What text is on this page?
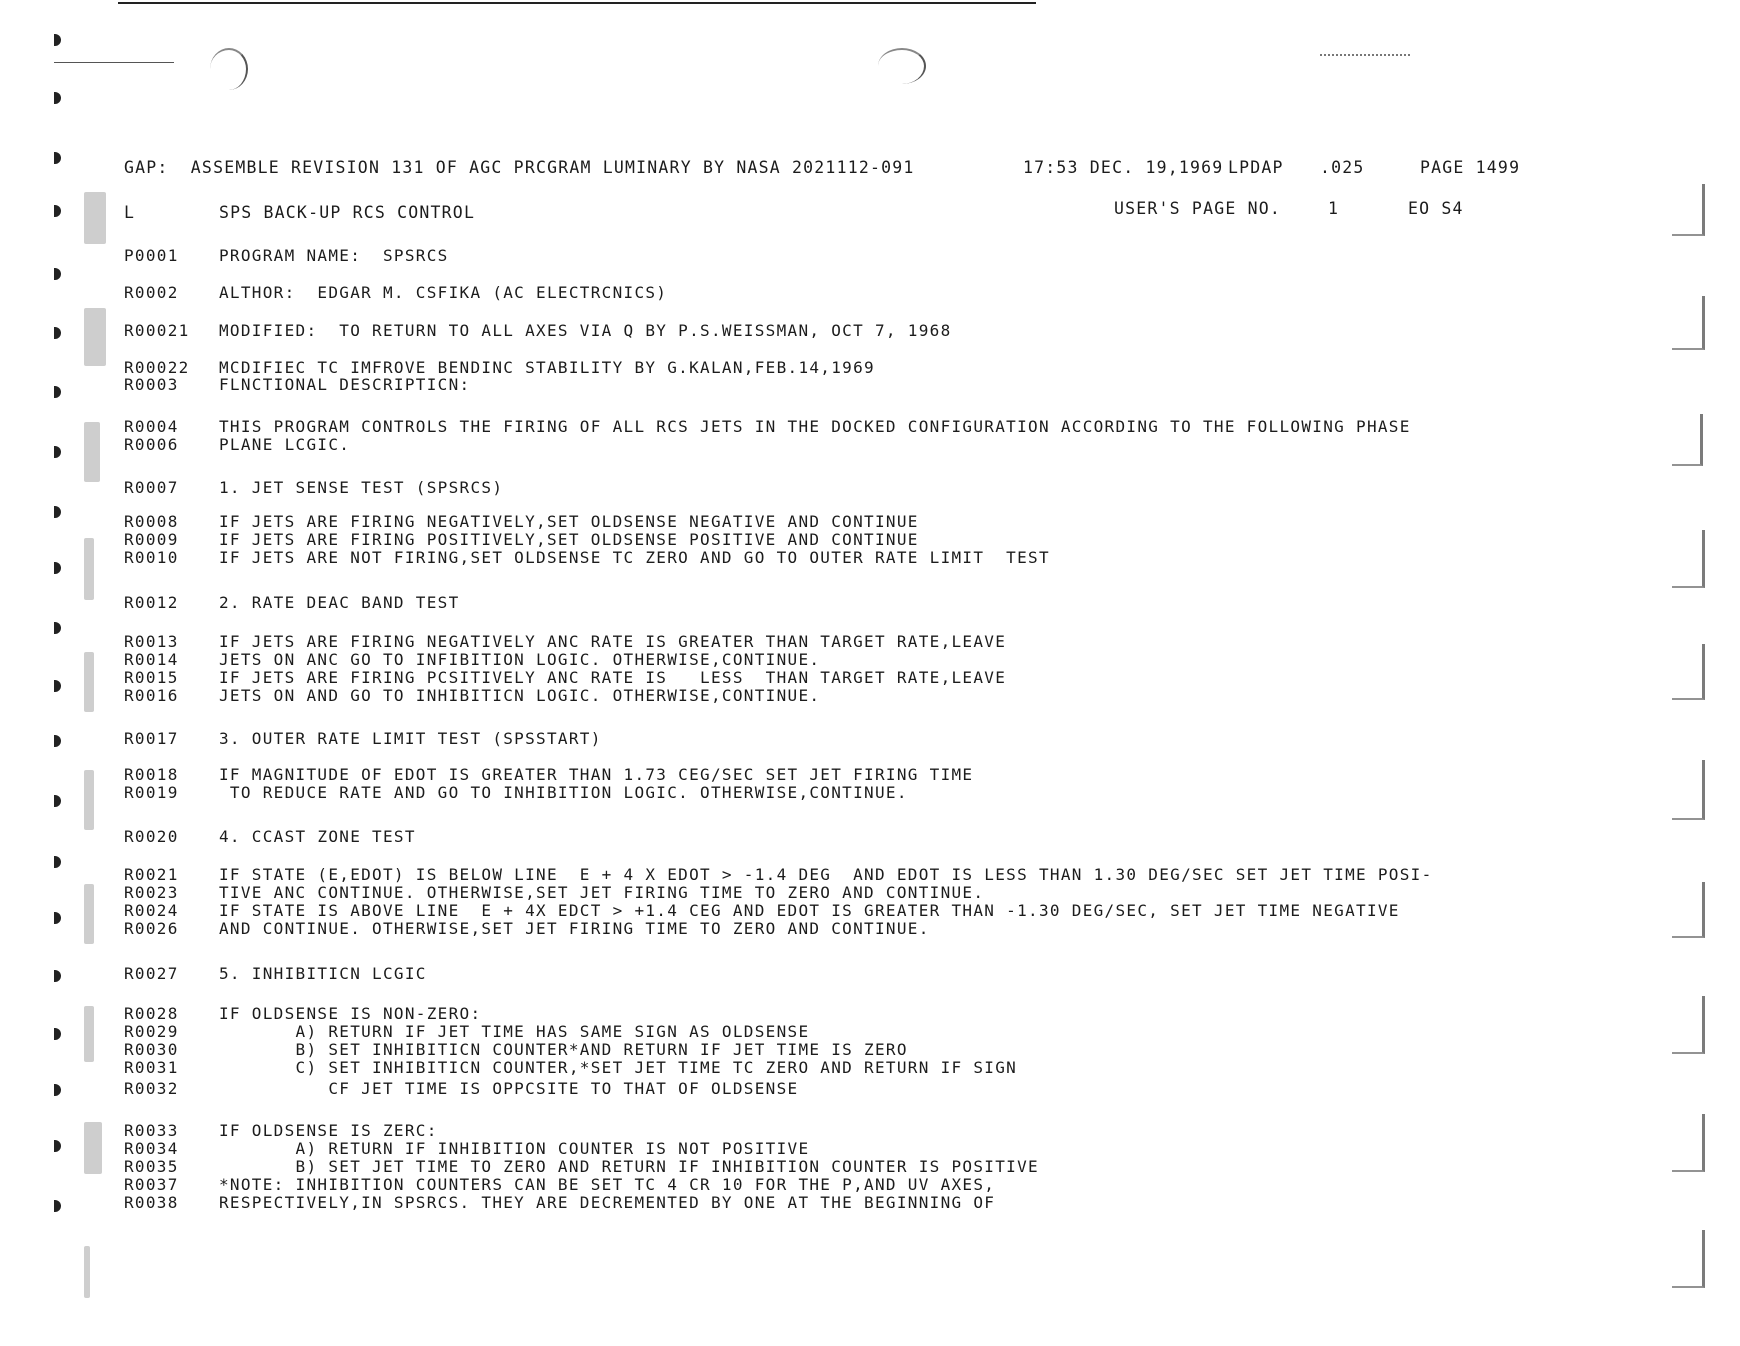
GAP:  ASSEMBLE REVISION 131 OF AGC PRCGRAM LUMINARY BY NASA 2021112-091

	17:53 DEC. 19,1969

LPDAP

.025

	PAGE 1499

L

	SPS BACK-UP RCS CONTROL

	USER'S PAGE NO.

	1

	EO S4

P0001	PROGRAM NAME:  SPSRCS
R0002	ALTHOR:  EDGAR M. CSFIKA (AC ELECTRCNICS)
R00021 MODIFIED:  TO RETURN TO ALL AXES VIA Q BY P.S.WEISSMAN, OCT 7, 1968
R00022 MCDIFIEC TC IMFROVE BENDINC STABILITY BY G.KALAN,FEB.14,1969
R0003	FLNCTIONAL DESCRIPTICN:
R0004	THIS PROGRAM CONTROLS THE FIRING OF ALL RCS JETS IN THE DOCKED CONFIGURATION ACCORDING TO THE FOLLOWING PHASE
R0006	PLANE LCGIC.
R0007	1. JET SENSE TEST (SPSRCS)
R0008	IF JETS ARE FIRING NEGATIVELY,SET OLDSENSE NEGATIVE AND CONTINUE
R0009	IF JETS ARE FIRING POSITIVELY,SET OLDSENSE POSITIVE AND CONTINUE
R0010	IF JETS ARE NOT FIRING,SET OLDSENSE TC ZERO AND GO TO OUTER RATE LIMIT  TEST
R0012	2. RATE DEAC BAND TEST
R0013	IF JETS ARE FIRING NEGATIVELY ANC RATE IS GREATER THAN TARGET RATE,LEAVE
R0014	JETS ON ANC GO TO INFIBITION LOGIC. OTHERWISE,CONTINUE.
R0015	IF JETS ARE FIRING PCSITIVELY ANC RATE IS   LESS  THAN TARGET RATE,LEAVE
R0016	JETS ON AND GO TO INHIBITICN LOGIC. OTHERWISE,CONTINUE.
R0017	3. OUTER RATE LIMIT TEST (SPSSTART)
R0018	IF MAGNITUDE OF EDOT IS GREATER THAN 1.73 CEG/SEC SET JET FIRING TIME
R0019	TO REDUCE RATE AND GO TO INHIBITION LOGIC. OTHERWISE,CONTINUE.
R0020	4. CCAST ZONE TEST
R0021	IF STATE (E,EDOT) IS BELOW LINE  E + 4 X EDOT > -1.4 DEG  AND EDOT IS LESS THAN 1.30 DEG/SEC SET JET TIME POSI-
R0023	TIVE ANC CONTINUE. OTHERWISE,SET JET FIRING TIME TO ZERO AND CONTINUE.
R0024	IF STATE IS ABOVE LINE  E + 4X EDCT > +1.4 CEG AND EDOT IS GREATER THAN -1.30 DEG/SEC, SET JET TIME NEGATIVE
R0026	AND CONTINUE. OTHERWISE,SET JET FIRING TIME TO ZERO AND CONTINUE.
R0027	5. INHIBITICN LCGIC
R0028	IF OLDSENSE IS NON-ZERO:
R0029	A) RETURN IF JET TIME HAS SAME SIGN AS OLDSENSE
R0030	B) SET INHIBITICN COUNTER*AND RETURN IF JET TIME IS ZERO
R0031	C) SET INHIBITICN COUNTER,*SET JET TIME TC ZERO AND RETURN IF SIGN
R0032	CF JET TIME IS OPPCSITE TO THAT OF OLDSENSE
R0033	IF OLDSENSE IS ZERC:
R0034	A) RETURN IF INHIBITION COUNTER IS NOT POSITIVE
R0035	B) SET JET TIME TO ZERO AND RETURN IF INHIBITION COUNTER IS POSITIVE
R0037	*NOTE: INHIBITION COUNTERS CAN BE SET TC 4 CR 10 FOR THE P,AND UV AXES,
R0038	RESPECTIVELY,IN SPSRCS. THEY ARE DECREMENTED BY ONE AT THE BEGINNING OF
